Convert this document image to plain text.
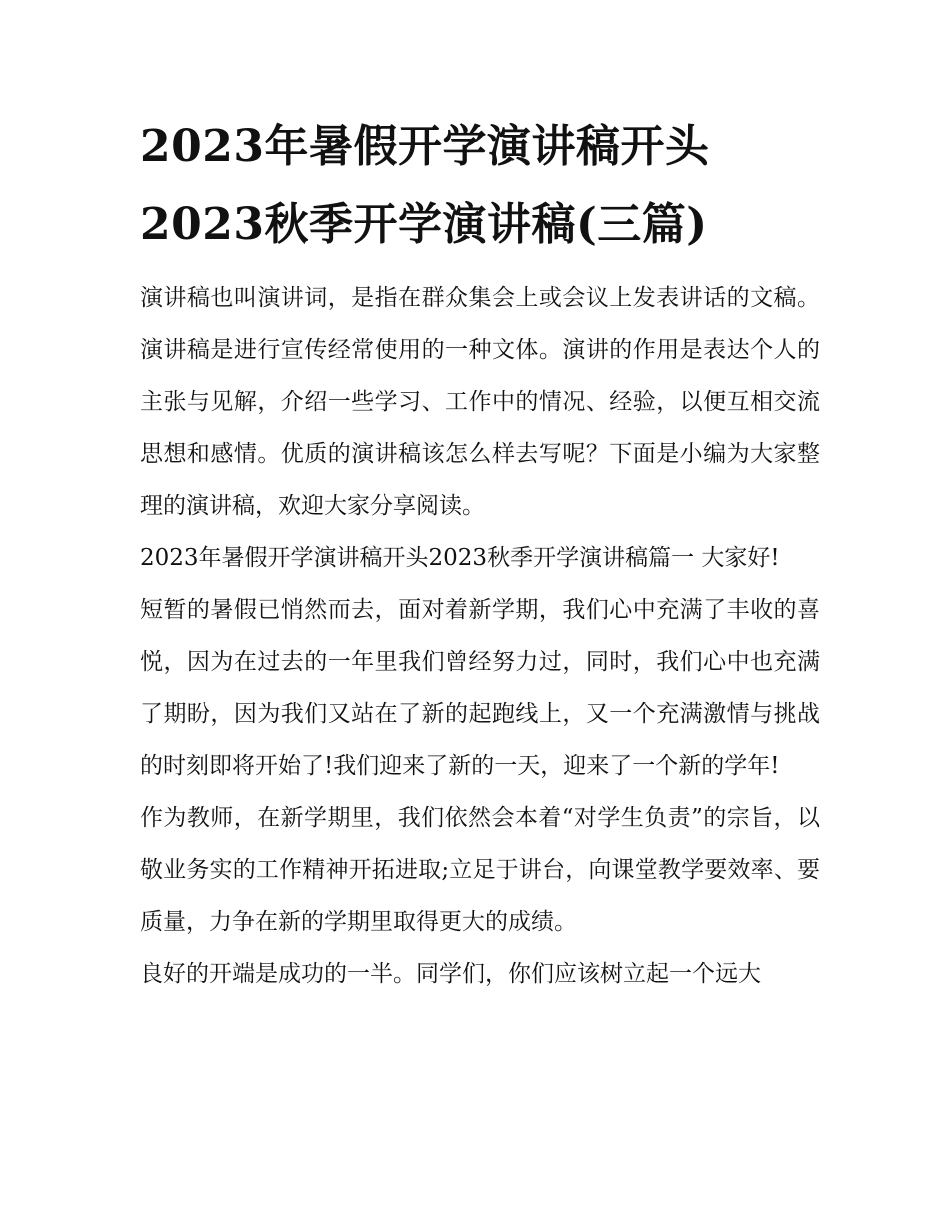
2023年暑假开学演讲稿开头
2023秋季开学演讲稿(三篇)

演讲稿也叫演讲词，是指在群众集会上或会议上发表讲话的文稿。演讲稿是进行宣传经常使用的一种文体。演讲的作用是表达个人的主张与见解，介绍一些学习、工作中的情况、经验，以便互相交流思想和感情。优质的演讲稿该怎么样去写呢？下面是小编为大家整理的演讲稿，欢迎大家分享阅读。

2023年暑假开学演讲稿开头2023秋季开学演讲稿篇一 大家好!

短暂的暑假已悄然而去，面对着新学期，我们心中充满了丰收的喜悦，因为在过去的一年里我们曾经努力过，同时，我们心中也充满了期盼，因为我们又站在了新的起跑线上，又一个充满激情与挑战的时刻即将开始了!我们迎来了新的一天，迎来了一个新的学年!

作为教师，在新学期里，我们依然会本着“对学生负责”的宗旨，以敬业务实的工作精神开拓进取;立足于讲台，向课堂教学要效率、要质量，力争在新的学期里取得更大的成绩。

良好的开端是成功的一半。同学们，你们应该树立起一个远大
